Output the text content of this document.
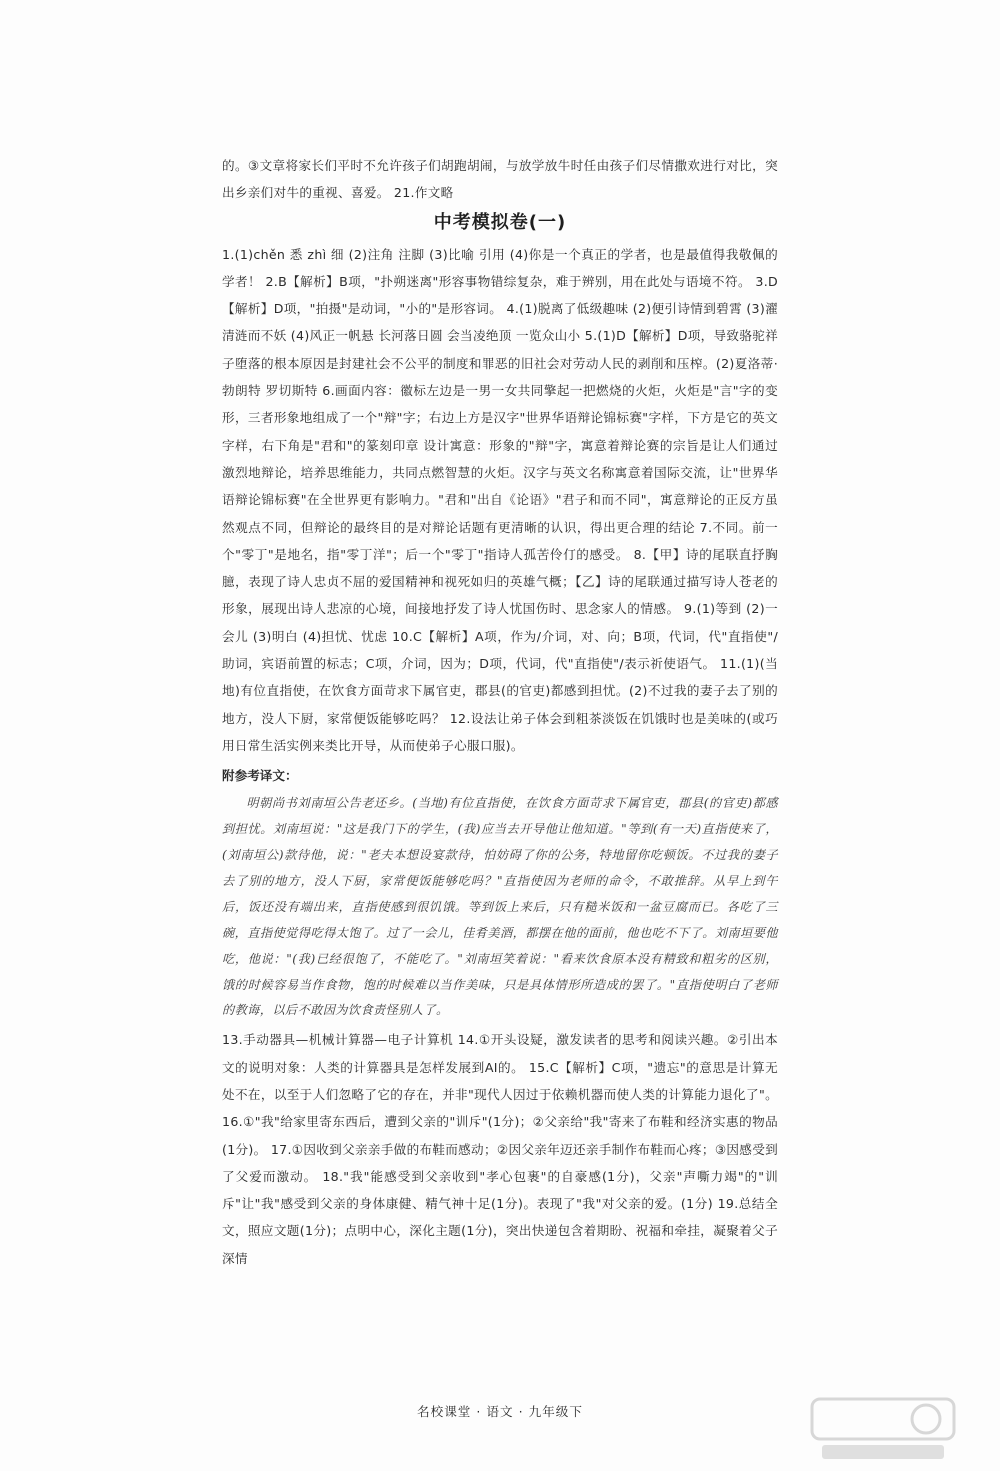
的。③文章将家长们平时不允许孩子们胡跑胡闹，与放学放牛时任由孩子们尽情撒欢进行对比，突出乡亲们对牛的重视、喜爱。 21.作文略

中考模拟卷(一)

1.(1)chěn 悉 zhì 细 (2)注角 注脚 (3)比喻 引用 (4)你是一个真正的学者，也是最值得我敬佩的学者！ 2.B【解析】B项，"扑朔迷离"形容事物错综复杂，难于辨别，用在此处与语境不符。 3.D【解析】D项，"拍摄"是动词，"小的"是形容词。 4.(1)脱离了低级趣味 (2)便引诗情到碧霄 (3)濯清涟而不妖 (4)风正一帆悬 长河落日圆 会当凌绝顶 一览众山小 5.(1)D【解析】D项，导致骆驼祥子堕落的根本原因是封建社会不公平的制度和罪恶的旧社会对劳动人民的剥削和压榨。(2)夏洛蒂·勃朗特 罗切斯特 6.画面内容：徽标左边是一男一女共同擎起一把燃烧的火炬，火炬是"言"字的变形，三者形象地组成了一个"辩"字；右边上方是汉字"世界华语辩论锦标赛"字样，下方是它的英文字样，右下角是"君和"的篆刻印章 设计寓意：形象的"辩"字，寓意着辩论赛的宗旨是让人们通过激烈地辩论，培养思维能力，共同点燃智慧的火炬。汉字与英文名称寓意着国际交流，让"世界华语辩论锦标赛"在全世界更有影响力。"君和"出自《论语》"君子和而不同"，寓意辩论的正反方虽然观点不同，但辩论的最终目的是对辩论话题有更清晰的认识，得出更合理的结论 7.不同。前一个"零丁"是地名，指"零丁洋"；后一个"零丁"指诗人孤苦伶仃的感受。 8.【甲】诗的尾联直抒胸臆，表现了诗人忠贞不屈的爱国精神和视死如归的英雄气概；【乙】诗的尾联通过描写诗人苍老的形象，展现出诗人悲凉的心境，间接地抒发了诗人忧国伤时、思念家人的情感。 9.(1)等到 (2)一会儿 (3)明白 (4)担忧、忧虑 10.C【解析】A项，作为/介词，对、向；B项，代词，代"直指使"/助词，宾语前置的标志；C项，介词，因为；D项，代词，代"直指使"/表示祈使语气。 11.(1)(当地)有位直指使，在饮食方面苛求下属官吏，郡县(的官吏)都感到担忧。(2)不过我的妻子去了别的地方，没人下厨，家常便饭能够吃吗？ 12.设法让弟子体会到粗茶淡饭在饥饿时也是美味的(或巧用日常生活实例来类比开导，从而使弟子心服口服)。

附参考译文：

明朝尚书刘南垣公告老还乡。(当地)有位直指使，在饮食方面苛求下属官吏，郡县(的官吏)都感到担忧。刘南垣说："这是我门下的学生，(我)应当去开导他让他知道。"等到(有一天)直指使来了，(刘南垣公)款待他，说："老夫本想设宴款待，怕妨碍了你的公务，特地留你吃顿饭。不过我的妻子去了别的地方，没人下厨，家常便饭能够吃吗？"直指使因为老师的命令，不敢推辞。从早上到午后，饭还没有端出来，直指使感到很饥饿。等到饭上来后，只有糙米饭和一盆豆腐而已。各吃了三碗，直指使觉得吃得太饱了。过了一会儿，佳肴美酒，都摆在他的面前，他也吃不下了。刘南垣要他吃，他说："(我)已经很饱了，不能吃了。"刘南垣笑着说："看来饮食原本没有精致和粗劣的区别，饿的时候容易当作食物，饱的时候难以当作美味，只是具体情形所造成的罢了。"直指使明白了老师的教诲，以后不敢因为饮食责怪别人了。

13.手动器具—机械计算器—电子计算机 14.①开头设疑，激发读者的思考和阅读兴趣。②引出本文的说明对象：人类的计算器具是怎样发展到AI的。 15.C【解析】C项，"遗忘"的意思是计算无处不在，以至于人们忽略了它的存在，并非"现代人因过于依赖机器而使人类的计算能力退化了"。 16.①"我"给家里寄东西后，遭到父亲的"训斥"(1分)；②父亲给"我"寄来了布鞋和经济实惠的物品(1分)。 17.①因收到父亲亲手做的布鞋而感动；②因父亲年迈还亲手制作布鞋而心疼；③因感受到了父爱而激动。 18."我"能感受到父亲收到"孝心包裹"的自豪感(1分)，父亲"声嘶力竭"的"训斥"让"我"感受到父亲的身体康健、精气神十足(1分)。表现了"我"对父亲的爱。(1分) 19.总结全文，照应文题(1分)；点明中心，深化主题(1分)，突出快递包含着期盼、祝福和牵挂，凝聚着父子深情

名校课堂 · 语文 · 九年级下
